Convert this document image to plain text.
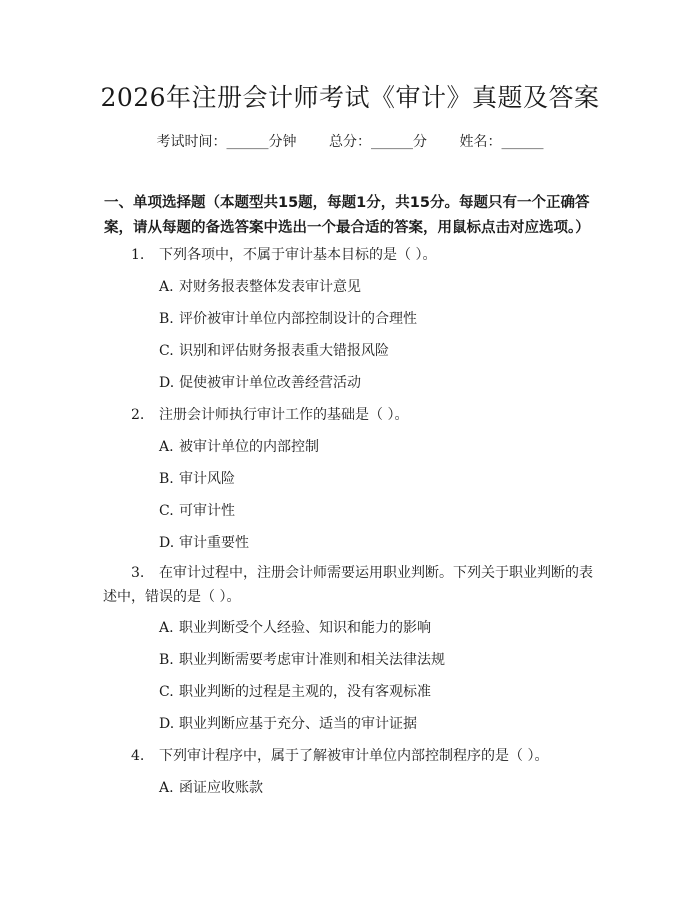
2026年注册会计师考试《审计》真题及答案
考试时间：______分钟 总分：______分 姓名：______
一、单项选择题（本题型共15题，每题1分，共15分。每题只有一个正确答案，请从每题的备选答案中选出一个最合适的答案，用鼠标点击对应选项。）
1. 下列各项中，不属于审计基本目标的是（ ）。
A. 对财务报表整体发表审计意见
B. 评价被审计单位内部控制设计的合理性
C. 识别和评估财务报表重大错报风险
D. 促使被审计单位改善经营活动
2. 注册会计师执行审计工作的基础是（ ）。
A. 被审计单位的内部控制
B. 审计风险
C. 可审计性
D. 审计重要性
3. 在审计过程中，注册会计师需要运用职业判断。下列关于职业判断的表述中，错误的是（ ）。
A. 职业判断受个人经验、知识和能力的影响
B. 职业判断需要考虑审计准则和相关法律法规
C. 职业判断的过程是主观的，没有客观标准
D. 职业判断应基于充分、适当的审计证据
4. 下列审计程序中，属于了解被审计单位内部控制程序的是（ ）。
A. 函证应收账款
